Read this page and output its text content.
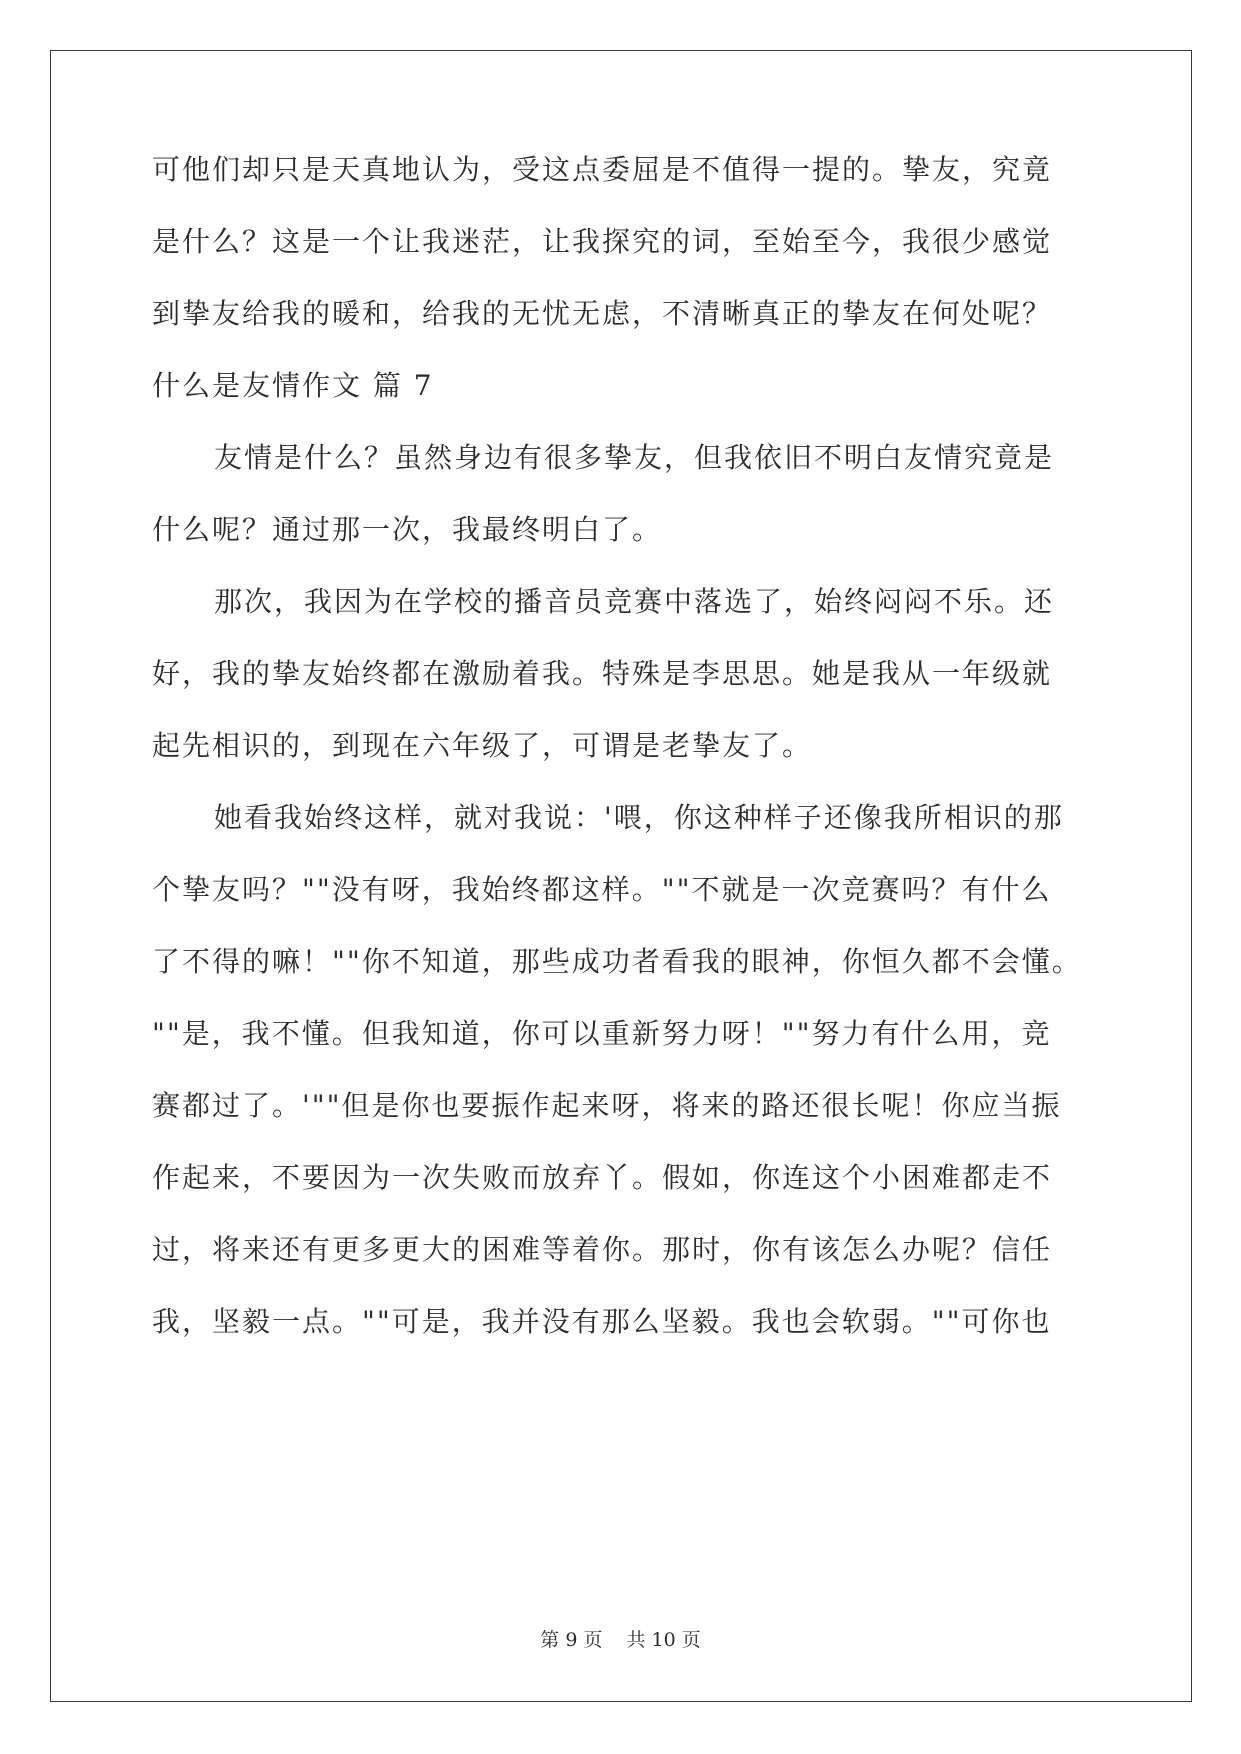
可他们却只是天真地认为，受这点委屈是不值得一提的。挚友，究竟
是什么？这是一个让我迷茫，让我探究的词，至始至今，我很少感觉
到挚友给我的暖和，给我的无忧无虑，不清晰真正的挚友在何处呢？
什么是友情作文 篇 7
友情是什么？虽然身边有很多挚友，但我依旧不明白友情究竟是
什么呢？通过那一次，我最终明白了。
那次，我因为在学校的播音员竞赛中落选了，始终闷闷不乐。还
好，我的挚友始终都在激励着我。特殊是李思思。她是我从一年级就
起先相识的，到现在六年级了，可谓是老挚友了。
她看我始终这样，就对我说：'喂，你这种样子还像我所相识的那
个挚友吗？""没有呀，我始终都这样。""不就是一次竞赛吗？有什么
了不得的嘛！""你不知道，那些成功者看我的眼神，你恒久都不会懂。
""是，我不懂。但我知道，你可以重新努力呀！""努力有什么用，竞
赛都过了。'""但是你也要振作起来呀，将来的路还很长呢！你应当振
作起来，不要因为一次失败而放弃丫。假如，你连这个小困难都走不
过，将来还有更多更大的困难等着你。那时，你有该怎么办呢？信任
我，坚毅一点。""可是，我并没有那么坚毅。我也会软弱。""可你也
第 9 页 共 10 页
